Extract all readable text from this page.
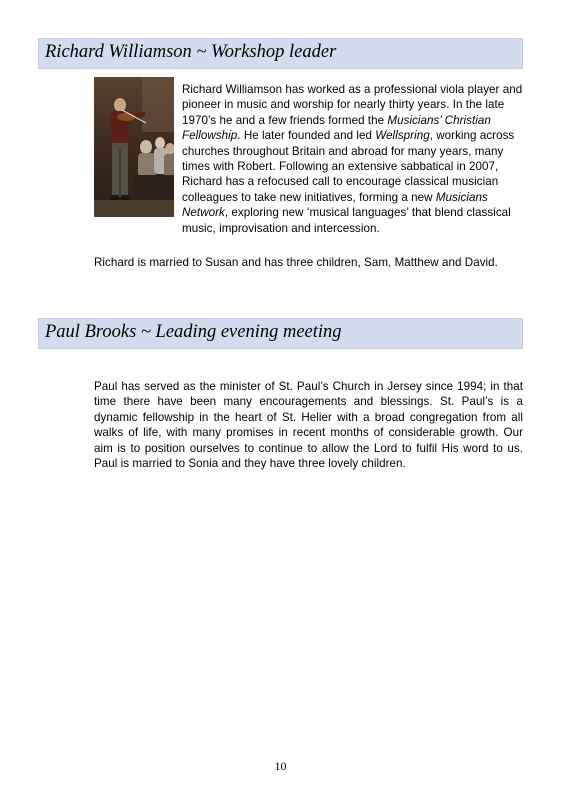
Richard Williamson ~ Workshop leader

Richard Williamson has worked as a professional viola player and pioneer in music and worship for nearly thirty years. In the late 1970’s he and a few friends formed the Musicians’ Christian Fellowship. He later founded and led Wellspring, working across churches throughout Britain and abroad for many years, many times with Robert. Following an extensive sabbatical in 2007, Richard has a refocused call to encourage classical musician colleagues to take new initiatives, forming a new Musicians Network, exploring new ‘musical languages’ that blend classical music, improvisation and intercession.

Richard is married to Susan and has three children, Sam, Matthew and David.

Paul Brooks ~ Leading evening meeting

Paul has served as the minister of St. Paul’s Church in Jersey since 1994; in that time there have been many encouragements and blessings. St. Paul’s is a dynamic fellowship in the heart of St. Helier with a broad congregation from all walks of life, with many promises in recent months of considerable growth. Our aim is to position ourselves to continue to allow the Lord to fulfil His word to us. Paul is married to Sonia and they have three lovely children.

10
